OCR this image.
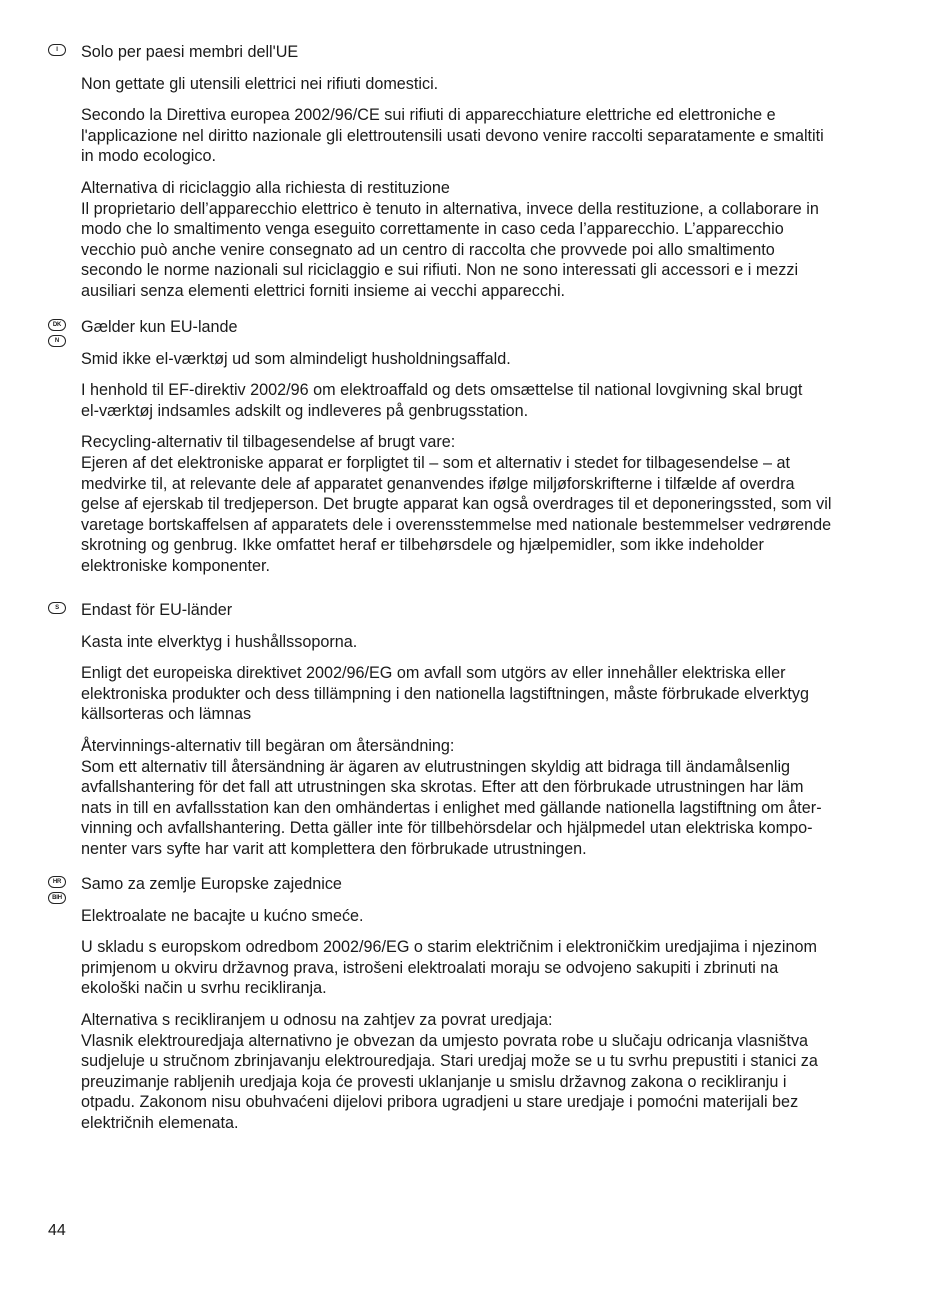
I	Solo per paesi membri dell'UE

Non gettate gli utensili elettrici nei rifiuti domestici.

Secondo la Direttiva europea 2002/96/CE sui rifiuti di apparecchiature elettriche ed elettroniche e
l'applicazione nel diritto nazionale gli elettroutensili usati devono venire raccolti separatamente e smaltiti
in modo ecologico.

Alternativa di riciclaggio alla richiesta di restituzione
Il proprietario dell’apparecchio elettrico è tenuto in alternativa, invece della restituzione, a collaborare in
modo che lo smaltimento venga eseguito correttamente in caso ceda l’apparecchio. L’apparecchio
vecchio può anche venire consegnato ad un centro di raccolta che provvede poi allo smaltimento
secondo le norme nazionali sul riciclaggio e sui rifiuti. Non ne sono interessati gli accessori e i mezzi
ausiliari senza elementi elettrici forniti insieme ai vecchi apparecchi.

DK
N

Gælder kun EU-lande

Smid ikke el-værktøj ud som almindeligt husholdningsaffald.

I henhold til EF-direktiv 2002/96 om elektroaffald og dets omsættelse til national lovgivning skal brugt
el-værktøj indsamles adskilt og indleveres på genbrugsstation.

Recycling-alternativ til tilbagesendelse af brugt vare:
Ejeren af det elektroniske apparat er forpligtet til – som et alternativ i stedet for tilbagesendelse – at
medvirke til, at relevante dele af apparatet genanvendes ifølge miljøforskrifterne i tilfælde af overdra
gelse af ejerskab til tredjeperson. Det brugte apparat kan også overdrages til et deponeringssted, som vil
varetage bortskaffelsen af apparatets dele i overensstemmelse med nationale bestemmelser vedrørende
skrotning og genbrug. Ikke omfattet heraf er tilbehørsdele og hjælpemidler, som ikke indeholder
elektroniske komponenter.

S	Endast för EU-länder

Kasta inte elverktyg i hushållssoporna.

Enligt det europeiska direktivet 2002/96/EG om avfall som utgörs av eller innehåller elektriska eller
elektroniska produkter och dess tillämpning i den nationella lagstiftningen, måste förbrukade elverktyg
källsorteras och lämnas

Återvinnings-alternativ till begäran om återsändning:
Som ett alternativ till återsändning är ägaren av elutrustningen skyldig att bidraga till ändamålsenlig
avfallshantering för det fall att utrustningen ska skrotas. Efter att den förbrukade utrustningen har läm
nats in till en avfallsstation kan den omhändertas i enlighet med gällande nationella lagstiftning om åter-
vinning och avfallshantering. Detta gäller inte för tillbehörsdelar och hjälpmedel utan elektriska kompo-
nenter vars syfte har varit att komplettera den förbrukade utrustningen.

HR
BIH

Samo za zemlje Europske zajednice

Elektroalate ne bacajte u kućno smeće.

U skladu s europskom odredbom 2002/96/EG o starim električnim i elektroničkim uredjajima i njezinom
primjenom u okviru državnog prava, istrošeni elektroalati moraju se odvojeno sakupiti i zbrinuti na
ekološki način u svrhu recikliranja.

Alternativa s recikliranjem u odnosu na zahtjev za povrat uredjaja:
Vlasnik elektrouredjaja alternativno je obvezan da umjesto povrata robe u slučaju odricanja vlasništva
sudjeluje u stručnom zbrinjavanju elektrouredjaja. Stari uredjaj može se u tu svrhu prepustiti i stanici za
preuzimanje rabljenih uredjaja koja će provesti uklanjanje u smislu državnog zakona o recikliranju i
otpadu. Zakonom nisu obuhvaćeni dijelovi pribora ugradjeni u stare uredjaje i pomoćni materijali bez
električnih elemenata.

44
